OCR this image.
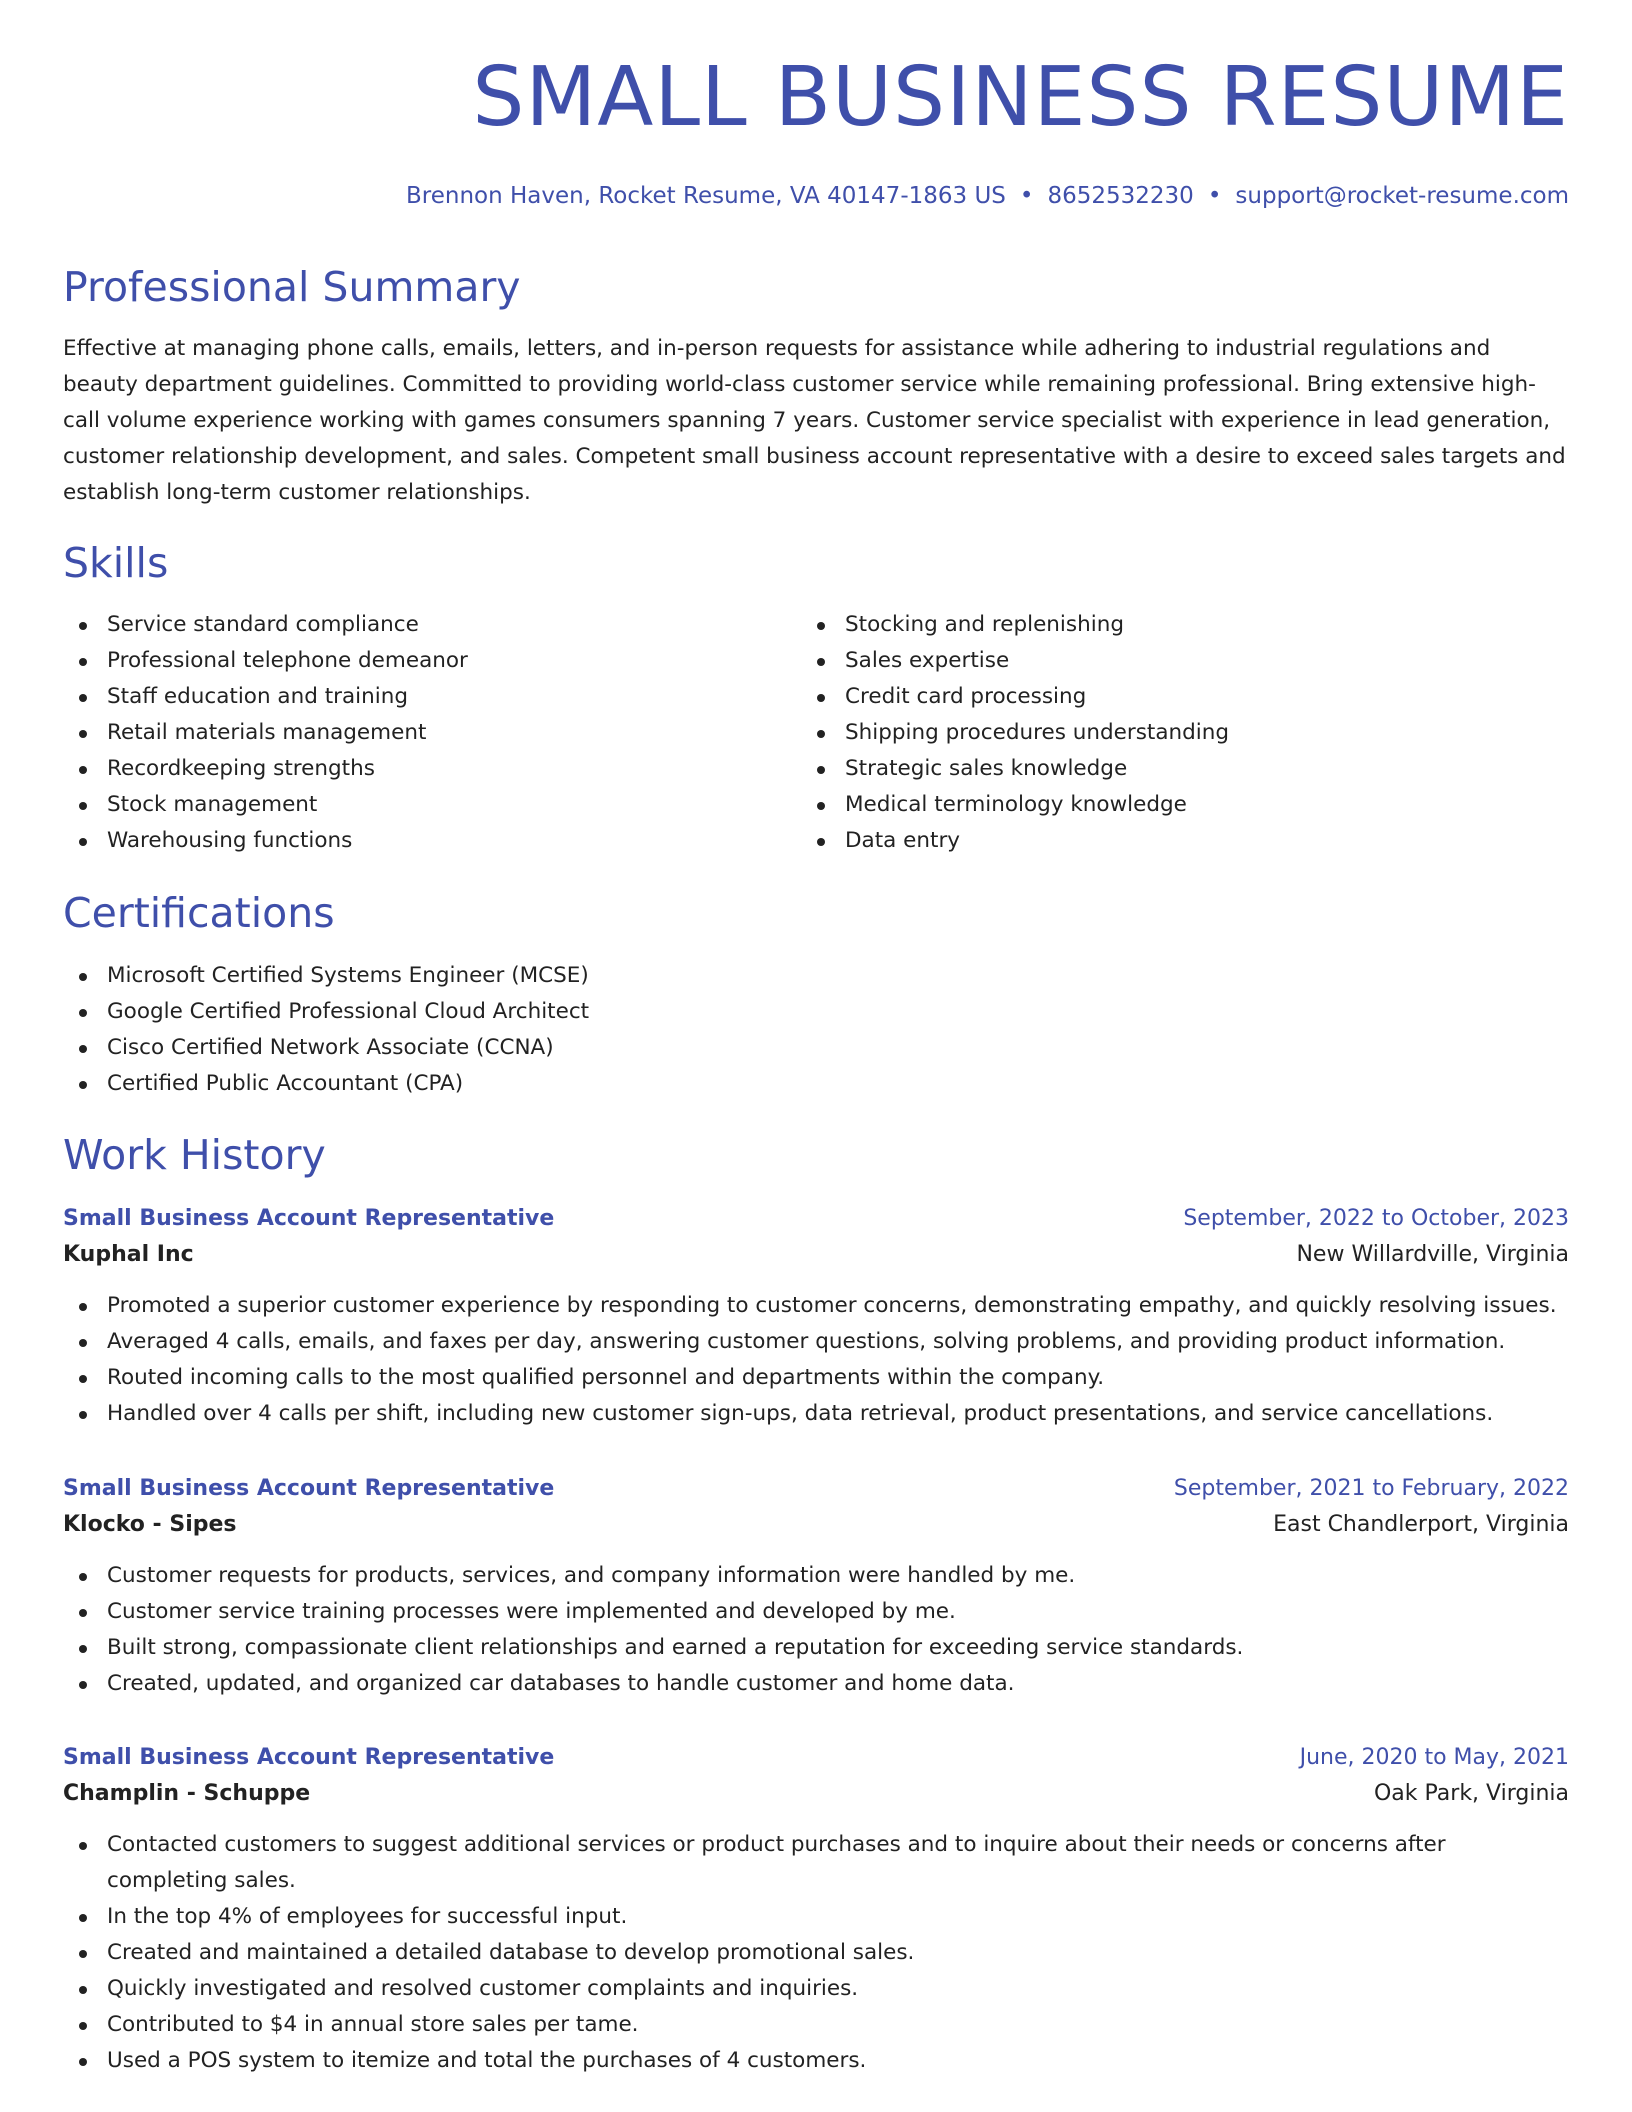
SMALL BUSINESS RESUME
Brennon Haven, Rocket Resume, VA 40147-1863 US • 8652532230 • support@rocket-resume.com
Professional Summary

Effective at managing phone calls, emails, letters, and in-person requests for assistance while adhering to industrial regulations and beauty department guidelines. Committed to providing world-class customer service while remaining professional. Bring extensive high-call volume experience working with games consumers spanning 7 years. Customer service specialist with experience in lead generation, customer relationship development, and sales. Competent small business account representative with a desire to exceed sales targets and establish long-term customer relationships.

Skills
Service standard compliance
Professional telephone demeanor
Staff education and training
Retail materials management
Recordkeeping strengths
Stock management
Warehousing functions
Stocking and replenishing
Sales expertise
Credit card processing
Shipping procedures understanding
Strategic sales knowledge
Medical terminology knowledge
Data entry
Certifications
Microsoft Certified Systems Engineer (MCSE)
Google Certified Professional Cloud Architect
Cisco Certified Network Associate (CCNA)
Certified Public Accountant (CPA)
Work History
Small Business Account Representative	September, 2022 to October, 2023
Kuphal Inc	New Willardville, Virginia
Promoted a superior customer experience by responding to customer concerns, demonstrating empathy, and quickly resolving issues.
Averaged 4 calls, emails, and faxes per day, answering customer questions, solving problems, and providing product information.
Routed incoming calls to the most qualified personnel and departments within the company.
Handled over 4 calls per shift, including new customer sign-ups, data retrieval, product presentations, and service cancellations.
Small Business Account Representative	September, 2021 to February, 2022
Klocko - Sipes	East Chandlerport, Virginia
Customer requests for products, services, and company information were handled by me.
Customer service training processes were implemented and developed by me.
Built strong, compassionate client relationships and earned a reputation for exceeding service standards.
Created, updated, and organized car databases to handle customer and home data.
Small Business Account Representative	June, 2020 to May, 2021
Champlin - Schuppe	Oak Park, Virginia
Contacted customers to suggest additional services or product purchases and to inquire about their needs or concerns after completing sales.
In the top 4% of employees for successful input.
Created and maintained a detailed database to develop promotional sales.
Quickly investigated and resolved customer complaints and inquiries.
Contributed to $4 in annual store sales per tame.
Used a POS system to itemize and total the purchases of 4 customers.
